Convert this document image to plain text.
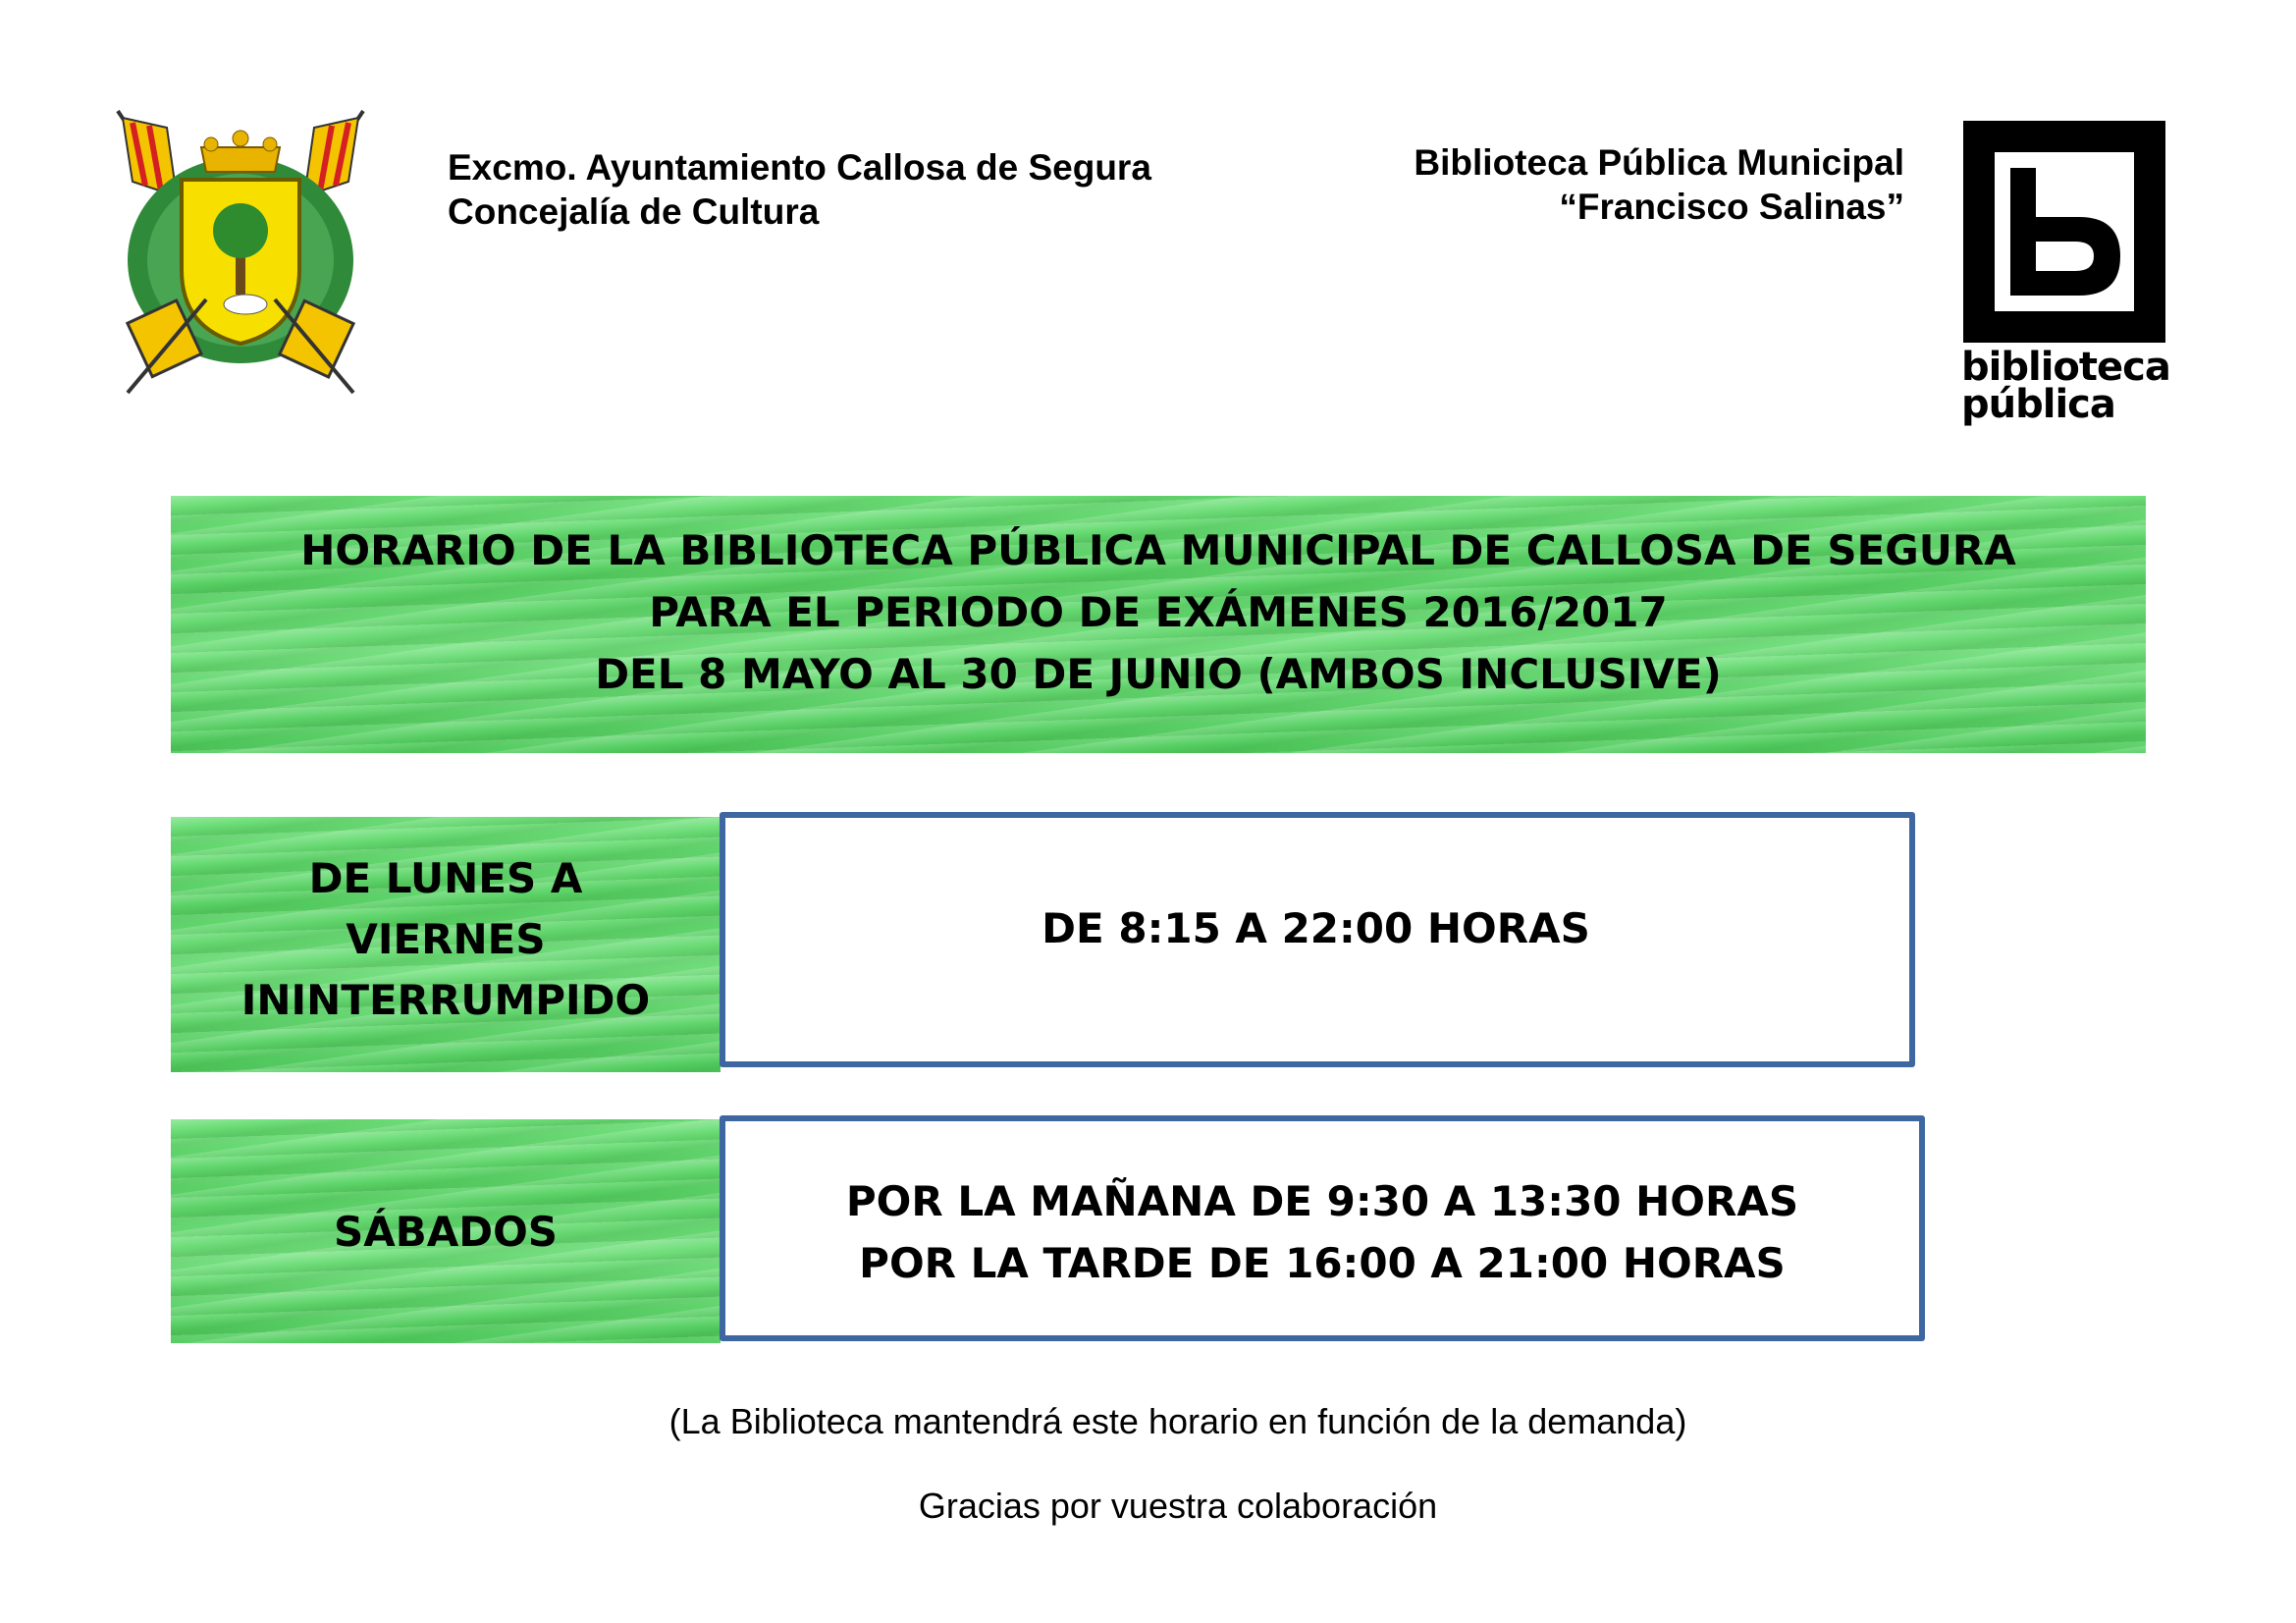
Excmo. Ayuntamiento Callosa de Segura
Concejalía de Cultura
Biblioteca Pública Municipal
“Francisco Salinas”
biblioteca
pública
HORARIO DE LA BIBLIOTECA PÚBLICA MUNICIPAL DE CALLOSA DE SEGURA
PARA EL PERIODO DE EXÁMENES 2016/2017
DEL 8 MAYO AL 30 DE JUNIO (AMBOS INCLUSIVE)
DE LUNES A
VIERNES
ININTERRUMPIDO
DE 8:15 A 22:00 HORAS
SÁBADOS
POR LA MAÑANA DE 9:30 A 13:30 HORAS
POR LA TARDE DE 16:00 A 21:00 HORAS
(La Biblioteca mantendrá este horario en función de la demanda)
Gracias por vuestra colaboración
